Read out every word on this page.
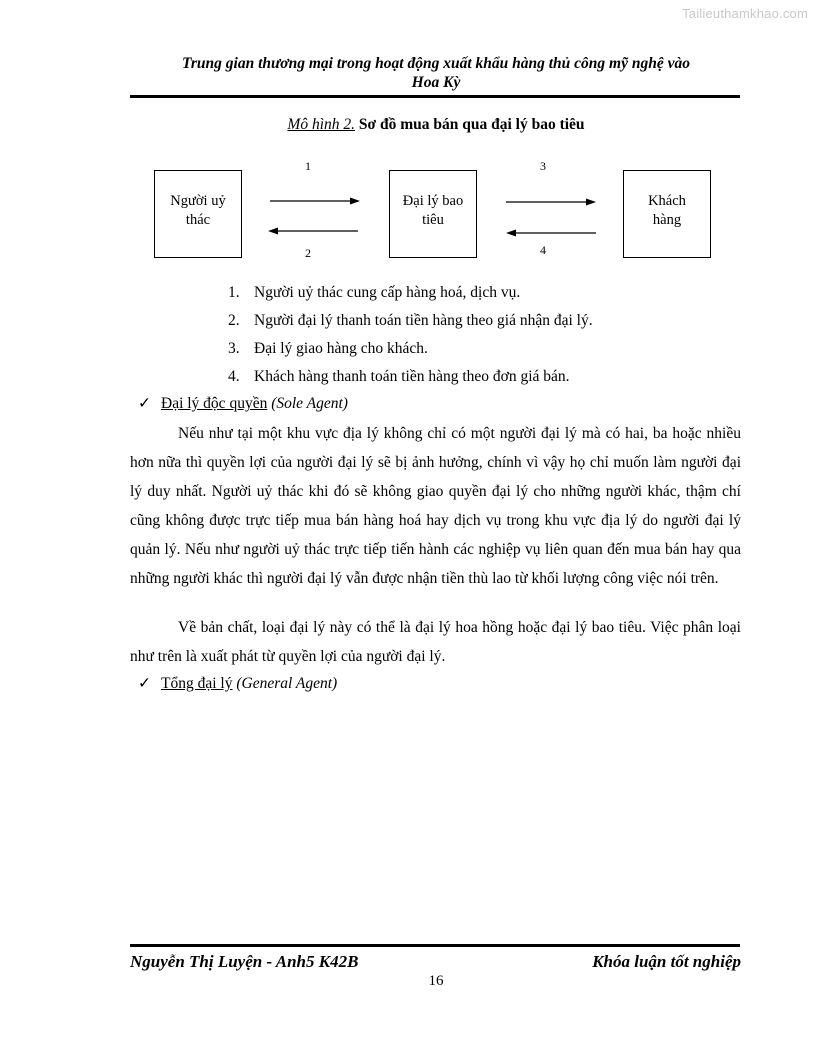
Tailieuthamkhao.com
Trung gian thương mại trong hoạt động xuất khẩu hàng thủ công mỹ nghệ vào
Hoa Kỳ
Mô hình 2. Sơ đồ mua bán qua đại lý bao tiêu
Người uỷ
thác
Đại lý bao
tiêu
Khách
hàng
1
2
3
4
1. Người uỷ thác cung cấp hàng hoá, dịch vụ.
2. Người đại lý thanh toán tiền hàng theo giá nhận đại lý.
3. Đại lý giao hàng cho khách.
4. Khách hàng thanh toán tiền hàng theo đơn giá bán.
✓ Đại lý độc quyền (Sole Agent)

Nếu như tại một khu vực địa lý không chỉ có một người đại lý mà có hai, ba hoặc nhiều hơn nữa thì quyền lợi của người đại lý sẽ bị ảnh hưởng, chính vì vậy họ chỉ muốn làm người đại lý duy nhất. Người uỷ thác khi đó sẽ không giao quyền đại lý cho những người khác, thậm chí cũng không được trực tiếp mua bán hàng hoá hay dịch vụ trong khu vực địa lý do người đại lý quản lý. Nếu như người uỷ thác trực tiếp tiến hành các nghiệp vụ liên quan đến mua bán hay qua những người khác thì người đại lý vẫn được nhận tiền thù lao từ khối lượng công việc nói trên.

Về bản chất, loại đại lý này có thể là đại lý hoa hồng hoặc đại lý bao tiêu. Việc phân loại như trên là xuất phát từ quyền lợi của người đại lý.

✓ Tổng đại lý (General Agent)
Nguyễn Thị Luyện - Anh5 K42B	Khóa luận tốt nghiệp
16
